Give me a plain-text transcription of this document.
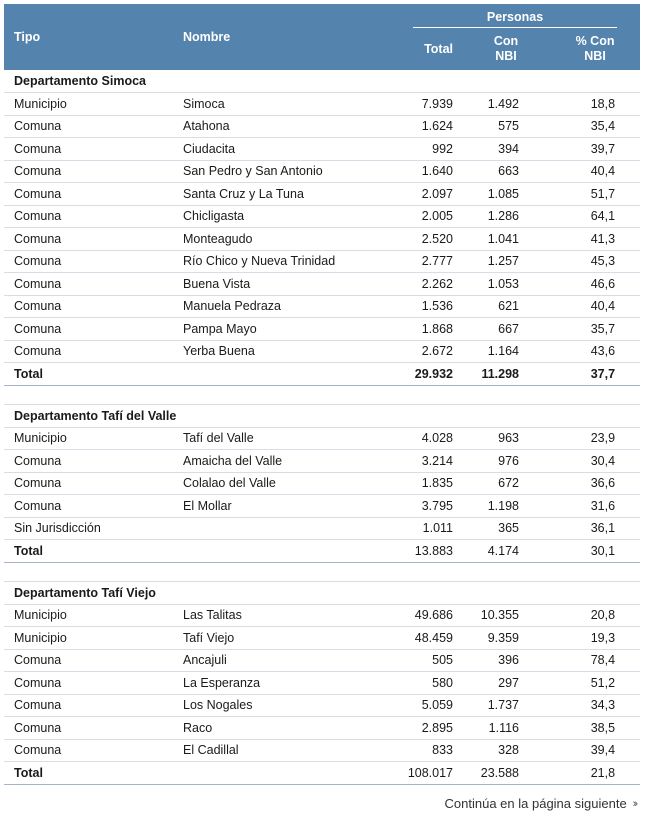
Tipo	Nombre	Personas		

		Total	Con NBI	% Con NBI
Departamento Simoca				
Municipio	Simoca	7.939	1.492	18,8
Comuna	Atahona	1.624	575	35,4
Comuna	Ciudacita	992	394	39,7
Comuna	San Pedro y San Antonio	1.640	663	40,4
Comuna	Santa Cruz y La Tuna	2.097	1.085	51,7
Comuna	Chicligasta	2.005	1.286	64,1
Comuna	Monteagudo	2.520	1.041	41,3
Comuna	Río Chico y Nueva Trinidad	2.777	1.257	45,3
Comuna	Buena Vista	2.262	1.053	46,6
Comuna	Manuela Pedraza	1.536	621	40,4
Comuna	Pampa Mayo	1.868	667	35,7
Comuna	Yerba Buena	2.672	1.164	43,6
Total		29.932	11.298	37,7

Departamento Tafí del Valle				
Municipio	Tafí del Valle	4.028	963	23,9
Comuna	Amaicha del Valle	3.214	976	30,4
Comuna	Colalao del Valle	1.835	672	36,6
Comuna	El Mollar	3.795	1.198	31,6
Sin Jurisdicción		1.011	365	36,1
Total		13.883	4.174	30,1

Departamento Tafí Viejo				
Municipio	Las Talitas	49.686	10.355	20,8
Municipio	Tafí Viejo	48.459	9.359	19,3
Comuna	Ancajuli	505	396	78,4
Comuna	La Esperanza	580	297	51,2
Comuna	Los Nogales	5.059	1.737	34,3
Comuna	Raco	2.895	1.116	38,5
Comuna	El Cadillal	833	328	39,4
Total		108.017	23.588	21,8
Continúa en la página siguiente ››
